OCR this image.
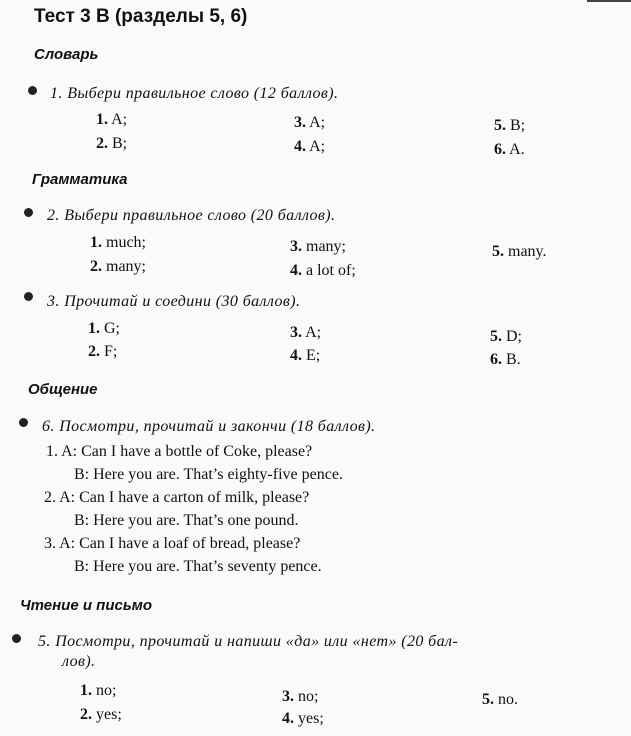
Тест 3 В (разделы 5, 6)
Словарь
1. Выбери правильное слово (12 баллов).
1. A;
2. B;
3. A;
4. A;
5. B;
6. A.
Грамматика
2. Выбери правильное слово (20 баллов).
1. much;
2. many;
3. many;
4. a lot of;
5. many.
3. Прочитай и соедини (30 баллов).
1. G;
2. F;
3. A;
4. E;
5. D;
6. B.
Общение
6. Посмотри, прочитай и закончи (18 баллов).
1. A: Can I have a bottle of Coke, please?
B: Here you are. That’s eighty-five pence.
2. A: Can I have a carton of milk, please?
B: Here you are. That’s one pound.
3. A: Can I have a loaf of bread, please?
B: Here you are. That’s seventy pence.
Чтение и письмо
5. Посмотри, прочитай и напиши «да» или «нет» (20 бал-
лов).
1. no;
2. yes;
3. no;
4. yes;
5. no.
